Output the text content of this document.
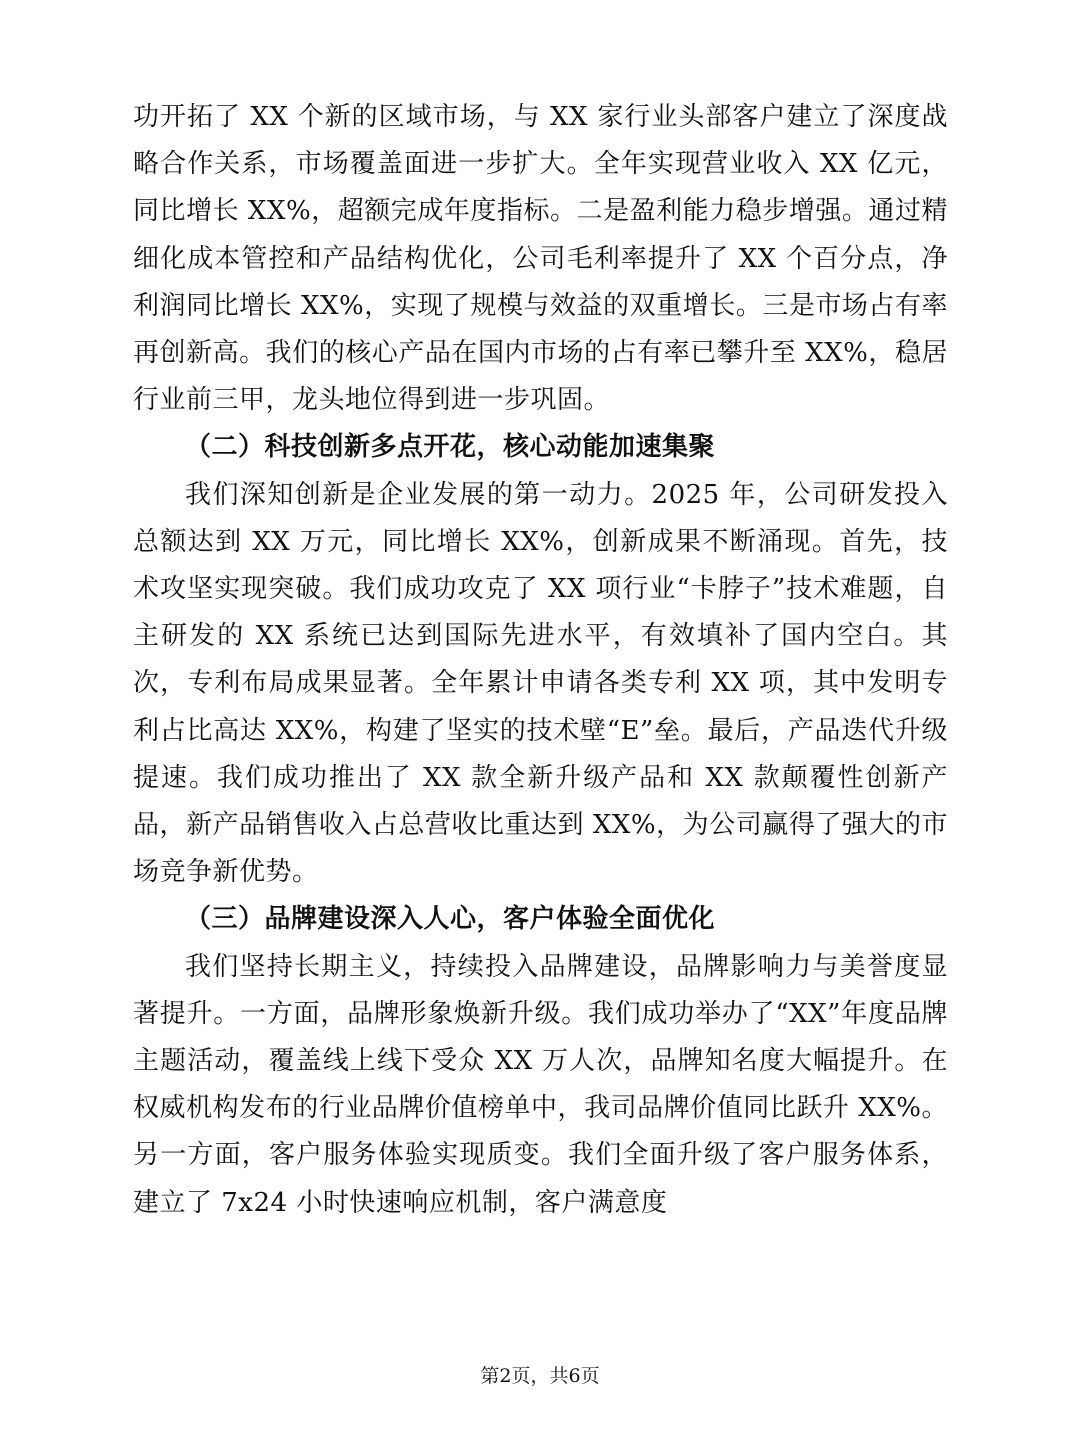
功开拓了 XX 个新的区域市场，与 XX 家行业头部客户建立了深度战略合作关系，市场覆盖面进一步扩大。全年实现营业收入 XX 亿元，同比增长 XX%，超额完成年度指标。二是盈利能力稳步增强。通过精细化成本管控和产品结构优化，公司毛利率提升了 XX 个百分点，净利润同比增长 XX%，实现了规模与效益的双重增长。三是市场占有率再创新高。我们的核心产品在国内市场的占有率已攀升至 XX%，稳居行业前三甲，龙头地位得到进一步巩固。

（二）科技创新多点开花，核心动能加速集聚

我们深知创新是企业发展的第一动力。2025 年，公司研发投入总额达到 XX 万元，同比增长 XX%，创新成果不断涌现。首先，技术攻坚实现突破。我们成功攻克了 XX 项行业“卡脖子”技术难题，自主研发的 XX 系统已达到国际先进水平，有效填补了国内空白。其次，专利布局成果显著。全年累计申请各类专利 XX 项，其中发明专利占比高达 XX%，构建了坚实的技术壁“E”垒。最后，产品迭代升级提速。我们成功推出了 XX 款全新升级产品和 XX 款颠覆性创新产品，新产品销售收入占总营收比重达到 XX%，为公司赢得了强大的市场竞争新优势。

（三）品牌建设深入人心，客户体验全面优化

我们坚持长期主义，持续投入品牌建设，品牌影响力与美誉度显著提升。一方面，品牌形象焕新升级。我们成功举办了“XX”年度品牌主题活动，覆盖线上线下受众 XX 万人次，品牌知名度大幅提升。在权威机构发布的行业品牌价值榜单中，我司品牌价值同比跃升 XX%。另一方面，客户服务体验实现质变。我们全面升级了客户服务体系，建立了 7x24 小时快速响应机制，客户满意度

第2页，共6页
